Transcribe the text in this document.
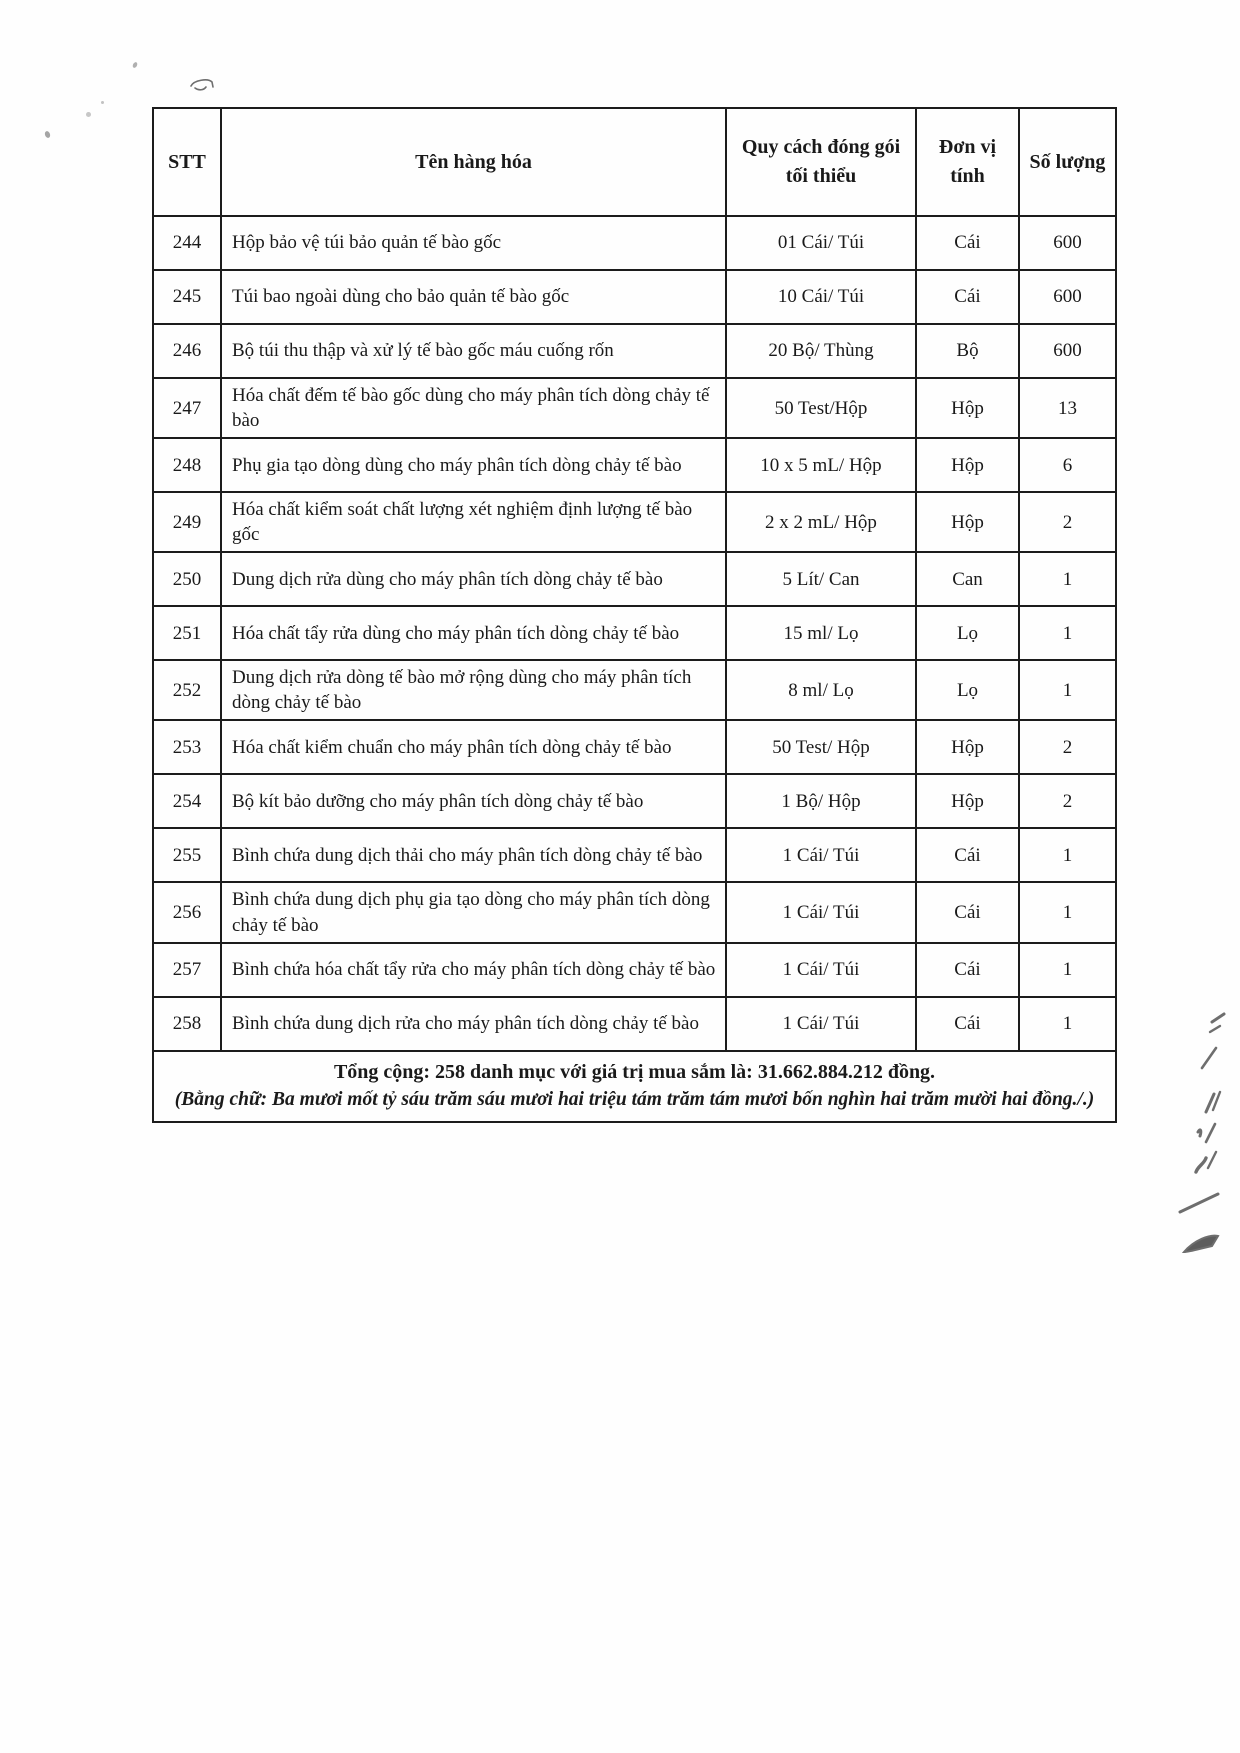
STT	Tên hàng hóa	Quy cách đóng gói tối thiểu	Đơn vị tính	Số lượng
244	Hộp bảo vệ túi bảo quản tế bào gốc	01 Cái/ Túi	Cái	600
245	Túi bao ngoài dùng cho bảo quản tế bào gốc	10 Cái/ Túi	Cái	600
246	Bộ túi thu thập và xử lý tế bào gốc máu cuống rốn	20 Bộ/ Thùng	Bộ	600
247	Hóa chất đếm tế bào gốc dùng cho máy phân tích dòng chảy tế bào	50 Test/Hộp	Hộp	13
248	Phụ gia tạo dòng dùng cho máy phân tích dòng chảy tế bào	10 x 5 mL/ Hộp	Hộp	6
249	Hóa chất kiểm soát chất lượng xét nghiệm định lượng tế bào gốc	2 x 2 mL/ Hộp	Hộp	2
250	Dung dịch rửa dùng cho máy phân tích dòng chảy tế bào	5 Lít/ Can	Can	1
251	Hóa chất tẩy rửa dùng cho máy phân tích dòng chảy tế bào	15 ml/ Lọ	Lọ	1
252	Dung dịch rửa dòng tế bào mở rộng dùng cho máy phân tích dòng chảy tế bào	8 ml/ Lọ	Lọ	1
253	Hóa chất kiểm chuẩn cho máy phân tích dòng chảy tế bào	50 Test/ Hộp	Hộp	2
254	Bộ kít bảo dưỡng cho máy phân tích dòng chảy tế bào	1 Bộ/ Hộp	Hộp	2
255	Bình chứa dung dịch thải cho máy phân tích dòng chảy tế bào	1 Cái/ Túi	Cái	1
256	Bình chứa dung dịch phụ gia tạo dòng cho máy phân tích dòng chảy tế bào	1 Cái/ Túi	Cái	1
257	Bình chứa hóa chất tẩy rửa cho máy phân tích dòng chảy tế bào	1 Cái/ Túi	Cái	1
258	Bình chứa dung dịch rửa cho máy phân tích dòng chảy tế bào	1 Cái/ Túi	Cái	1

Tổng cộng: 258 danh mục với giá trị mua sắm là: 31.662.884.212 đồng.
(Bằng chữ: Ba mươi mốt tỷ sáu trăm sáu mươi hai triệu tám trăm tám mươi bốn nghìn hai trăm mười hai đồng./.)				
